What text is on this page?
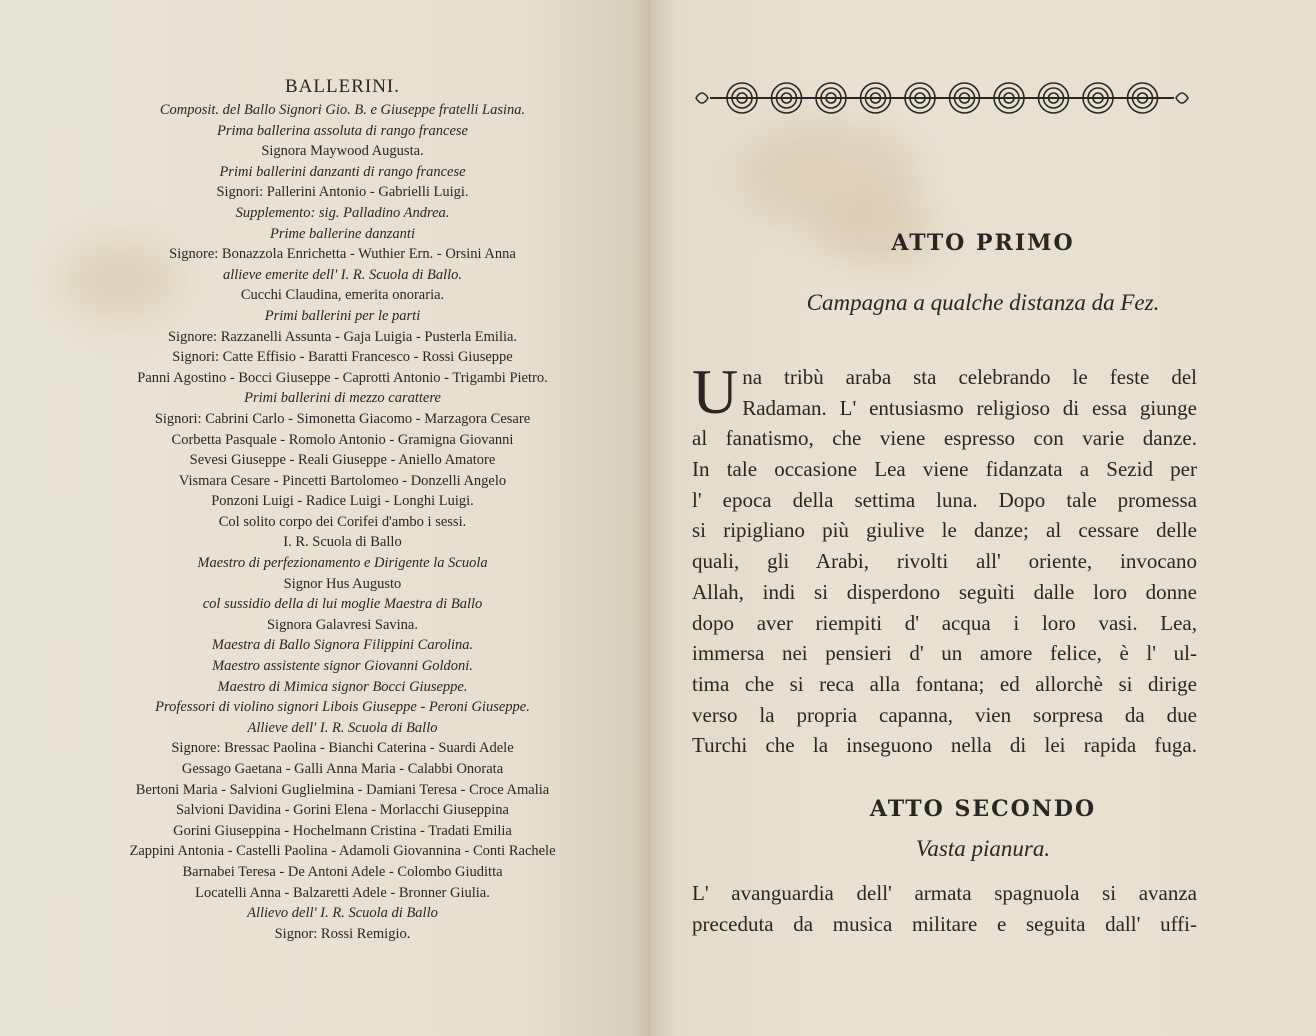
BALLERINI.
Composit. del Ballo Signori Gio. B. e Giuseppe fratelli Lasina.
Prima ballerina assoluta di rango francese
Signora Maywood Augusta.
Primi ballerini danzanti di rango francese
Signori: Pallerini Antonio - Gabrielli Luigi.
Supplemento: sig. Palladino Andrea.
Prime ballerine danzanti
Signore: Bonazzola Enrichetta - Wuthier Ern. - Orsini Anna
allieve emerite dell' I. R. Scuola di Ballo.
Cucchi Claudina, emerita onoraria.
Primi ballerini per le parti
Signore: Razzanelli Assunta - Gaja Luigia - Pusterla Emilia.
Signori: Catte Effisio - Baratti Francesco - Rossi Giuseppe
Panni Agostino - Bocci Giuseppe - Caprotti Antonio - Trigambi Pietro.
Primi ballerini di mezzo carattere
Signori: Cabrini Carlo - Simonetta Giacomo - Marzagora Cesare
Corbetta Pasquale - Romolo Antonio - Gramigna Giovanni
Sevesi Giuseppe - Reali Giuseppe - Aniello Amatore
Vismara Cesare - Pincetti Bartolomeo - Donzelli Angelo
Ponzoni Luigi - Radice Luigi - Longhi Luigi.
Col solito corpo dei Corifei d'ambo i sessi.
I. R. Scuola di Ballo
Maestro di perfezionamento e Dirigente la Scuola
Signor Hus Augusto
col sussidio della di lui moglie Maestra di Ballo
Signora Galavresi Savina.
Maestra di Ballo Signora Filippini Carolina.
Maestro assistente signor Giovanni Goldoni.
Maestro di Mimica signor Bocci Giuseppe.
Professori di violino signori Libois Giuseppe - Peroni Giuseppe.
Allieve dell' I. R. Scuola di Ballo
Signore: Bressac Paolina - Bianchi Caterina - Suardi Adele
Gessago Gaetana - Galli Anna Maria - Calabbi Onorata
Bertoni Maria - Salvioni Guglielmina - Damiani Teresa - Croce Amalia
Salvioni Davidina - Gorini Elena - Morlacchi Giuseppina
Gorini Giuseppina - Hochelmann Cristina - Tradati Emilia
Zappini Antonia - Castelli Paolina - Adamoli Giovannina - Conti Rachele
Barnabei Teresa - De Antoni Adele - Colombo Giuditta
Locatelli Anna - Balzaretti Adele - Bronner Giulia.
Allievo dell' I. R. Scuola di Ballo
Signor: Rossi Remigio.
ATTO PRIMO
Campagna a qualche distanza da Fez.
U na tribù araba sta celebrando le feste del
Radaman. L' entusiasmo religioso di essa giunge
al fanatismo, che viene espresso con varie danze.
In tale occasione Lea viene fidanzata a Sezid per
l' epoca della settima luna. Dopo tale promessa
si ripigliano più giulive le danze; al cessare delle
quali, gli Arabi, rivolti all' oriente, invocano
Allah, indi si disperdono seguìti dalle loro donne
dopo aver riempiti d' acqua i loro vasi. Lea,
immersa nei pensieri d' un amore felice, è l' ul-
tima che si reca alla fontana; ed allorchè si dirige
verso la propria capanna, vien sorpresa da due
Turchi che la inseguono nella di lei rapida fuga.
ATTO SECONDO
Vasta pianura.
L' avanguardia dell' armata spagnuola si avanza
preceduta da musica militare e seguita dall' uffi-
